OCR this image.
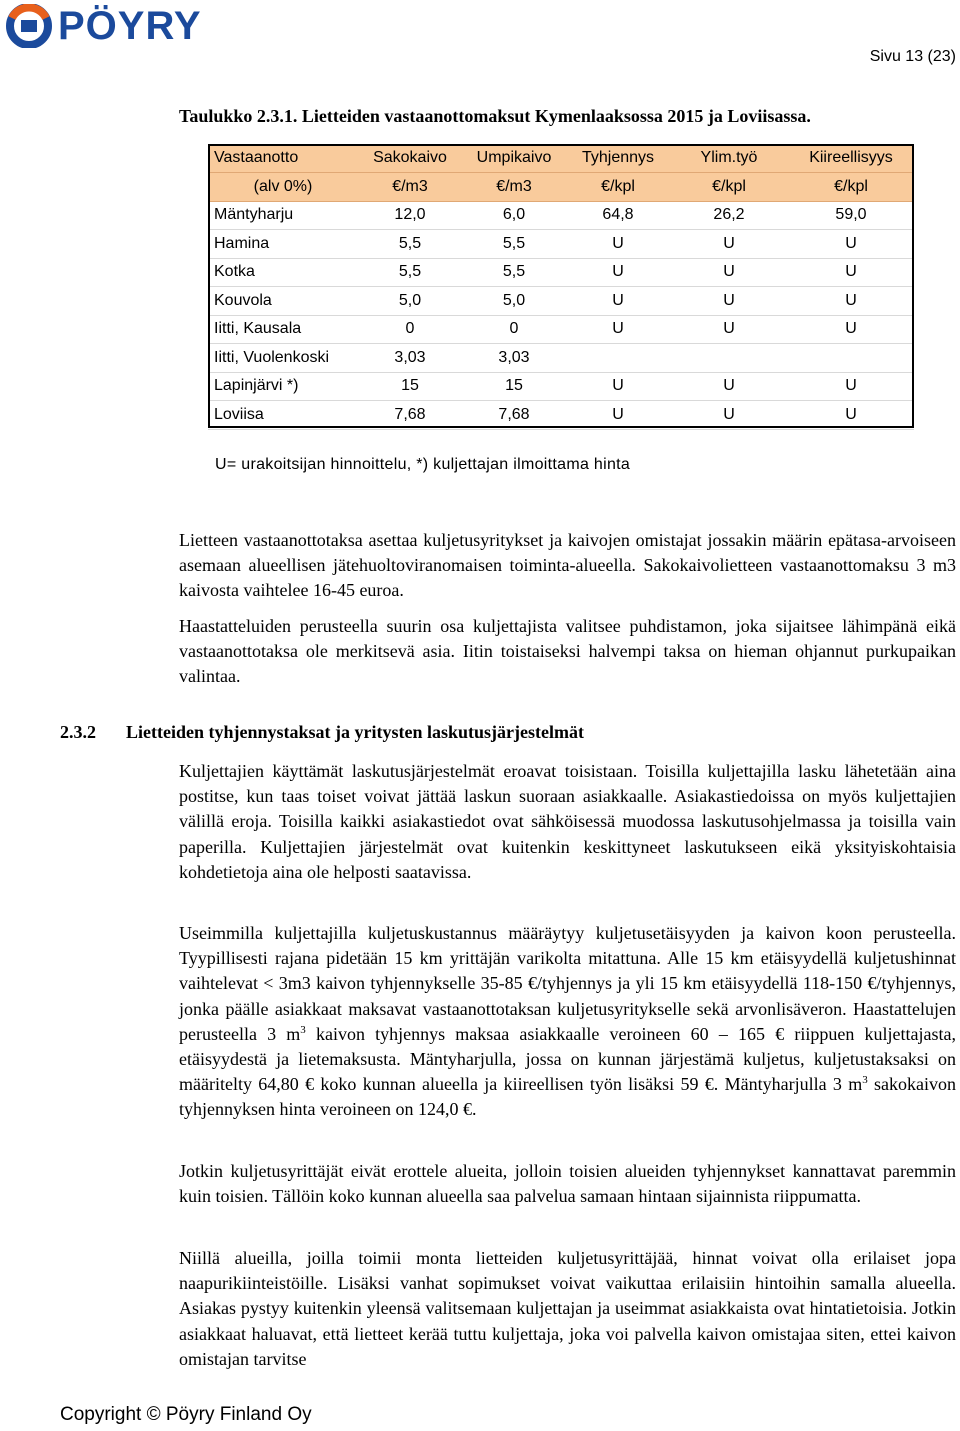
PÖYRY
Sivu 13 (23)
Taulukko 2.3.1. Lietteiden vastaanottomaksut Kymenlaaksossa 2015 ja Loviisassa.
Vastaanotto	Sakokaivo	Umpikaivo	Tyhjennys	Ylim.työ	Kiireellisyys
(alv 0%)	€/m3	€/m3	€/kpl	€/kpl	€/kpl
Mäntyharju	12,0	6,0	64,8	26,2	59,0
Hamina	5,5	5,5	U	U	U
Kotka	5,5	5,5	U	U	U
Kouvola	5,0	5,0	U	U	U
Iitti, Kausala	0	0	U	U	U
Iitti, Vuolenkoski	3,03	3,03			
Lapinjärvi *)	15	15	U	U	U
Loviisa	7,68	7,68	U	U	U
U= urakoitsijan hinnoittelu, *) kuljettajan ilmoittama hinta

Lietteen vastaanottotaksa asettaa kuljetusyritykset ja kaivojen omistajat jossakin määrin epätasa-arvoiseen asemaan alueellisen jätehuoltoviranomaisen toiminta-alueella. Sakokaivolietteen vastaanottomaksu 3 m3 kaivosta vaihtelee 16-45 euroa.

Haastatteluiden perusteella suurin osa kuljettajista valitsee puhdistamon, joka sijaitsee lähimpänä eikä vastaanottotaksa ole merkitsevä asia. Iitin toistaiseksi halvempi taksa on hieman ohjannut purkupaikan valintaa.

2.3.2 Lietteiden tyhjennystaksat ja yritysten laskutusjärjestelmät

Kuljettajien käyttämät laskutusjärjestelmät eroavat toisistaan. Toisilla kuljettajilla lasku lähetetään aina postitse, kun taas toiset voivat jättää laskun suoraan asiakkaalle. Asiakastiedoissa on myös kuljettajien välillä eroja. Toisilla kaikki asiakastiedot ovat sähköisessä muodossa laskutusohjelmassa ja toisilla vain paperilla. Kuljettajien järjestelmät ovat kuitenkin keskittyneet laskutukseen eikä yksityiskohtaisia kohdetietoja aina ole helposti saatavissa.

Useimmilla kuljettajilla kuljetuskustannus määräytyy kuljetusetäisyyden ja kaivon koon perusteella. Tyypillisesti rajana pidetään 15 km yrittäjän varikolta mitattuna. Alle 15 km etäisyydellä kuljetushinnat vaihtelevat < 3m3 kaivon tyhjennykselle 35-85 €/tyhjennys ja yli 15 km etäisyydellä 118-150 €/tyhjennys, jonka päälle asiakkaat maksavat vastaanottotaksan kuljetusyritykselle sekä arvonlisäveron. Haastattelujen perusteella 3 $m^3$ kaivon tyhjennys maksaa asiakkaalle veroineen 60 – 165 € riippuen kuljettajasta, etäisyydestä ja lietemaksusta. Mäntyharjulla, jossa on kunnan järjestämä kuljetus, kuljetustaksaksi on määritelty 64,80 € koko kunnan alueella ja kiireellisen työn lisäksi 59 €. Mäntyharjulla 3 $m^3$ sakokaivon tyhjennyksen hinta veroineen on 124,0 €.

Jotkin kuljetusyrittäjät eivät erottele alueita, jolloin toisien alueiden tyhjennykset kannattavat paremmin kuin toisien. Tällöin koko kunnan alueella saa palvelua samaan hintaan sijainnista riippumatta.

Niillä alueilla, joilla toimii monta lietteiden kuljetusyrittäjää, hinnat voivat olla erilaiset jopa naapurikiinteistöille. Lisäksi vanhat sopimukset voivat vaikuttaa erilaisiin hintoihin samalla alueella. Asiakas pystyy kuitenkin yleensä valitsemaan kuljettajan ja useimmat asiakkaista ovat hintatietoisia. Jotkin asiakkaat haluavat, että lietteet kerää tuttu kuljettaja, joka voi palvella kaivon omistajaa siten, ettei kaivon omistajan tarvitse

Copyright © Pöyry Finland Oy
